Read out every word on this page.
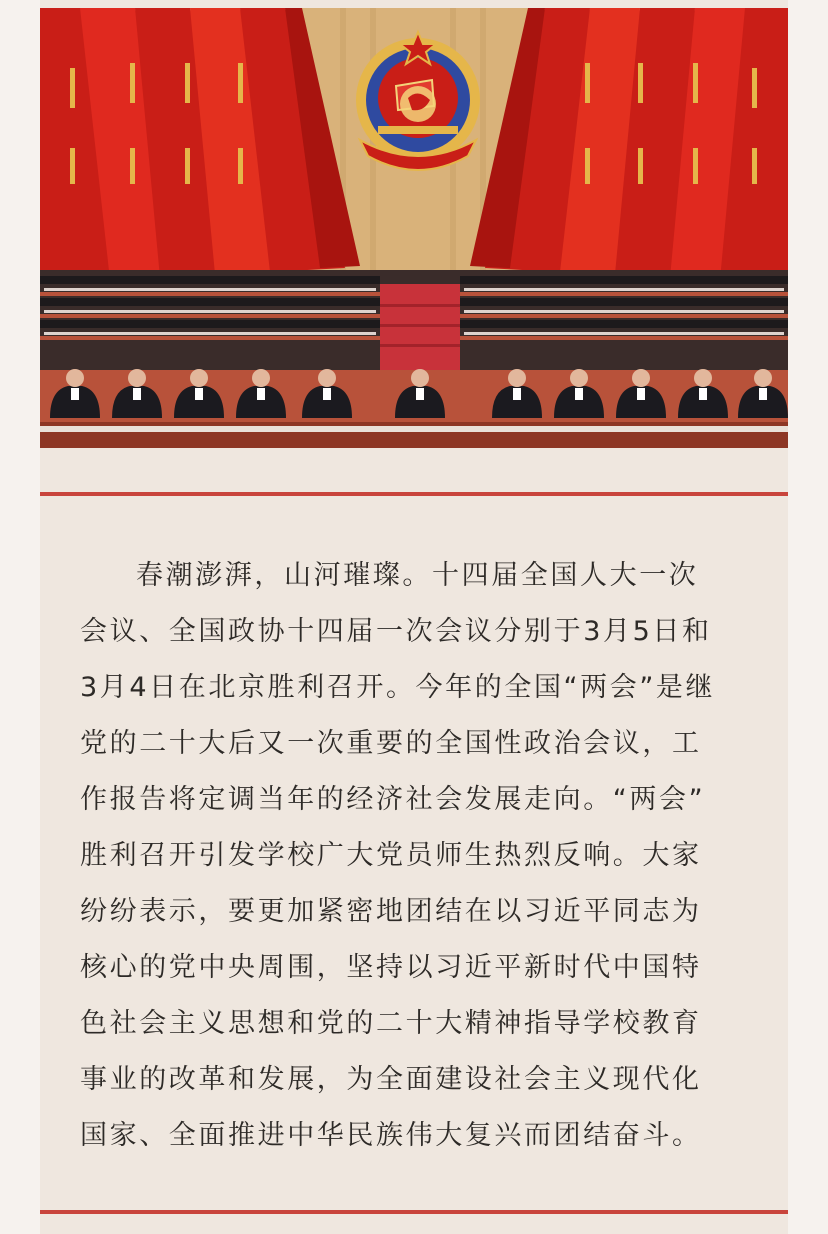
春潮澎湃，山河璀璨。十四届全国人大一次
会议、全国政协十四届一次会议分别于3月5日和
3月4日在北京胜利召开。今年的全国“两会”是继
党的二十大后又一次重要的全国性政治会议，工
作报告将定调当年的经济社会发展走向。“两会”
胜利召开引发学校广大党员师生热烈反响。大家
纷纷表示，要更加紧密地团结在以习近平同志为
核心的党中央周围，坚持以习近平新时代中国特
色社会主义思想和党的二十大精神指导学校教育
事业的改革和发展，为全面建设社会主义现代化
国家、全面推进中华民族伟大复兴而团结奋斗。
